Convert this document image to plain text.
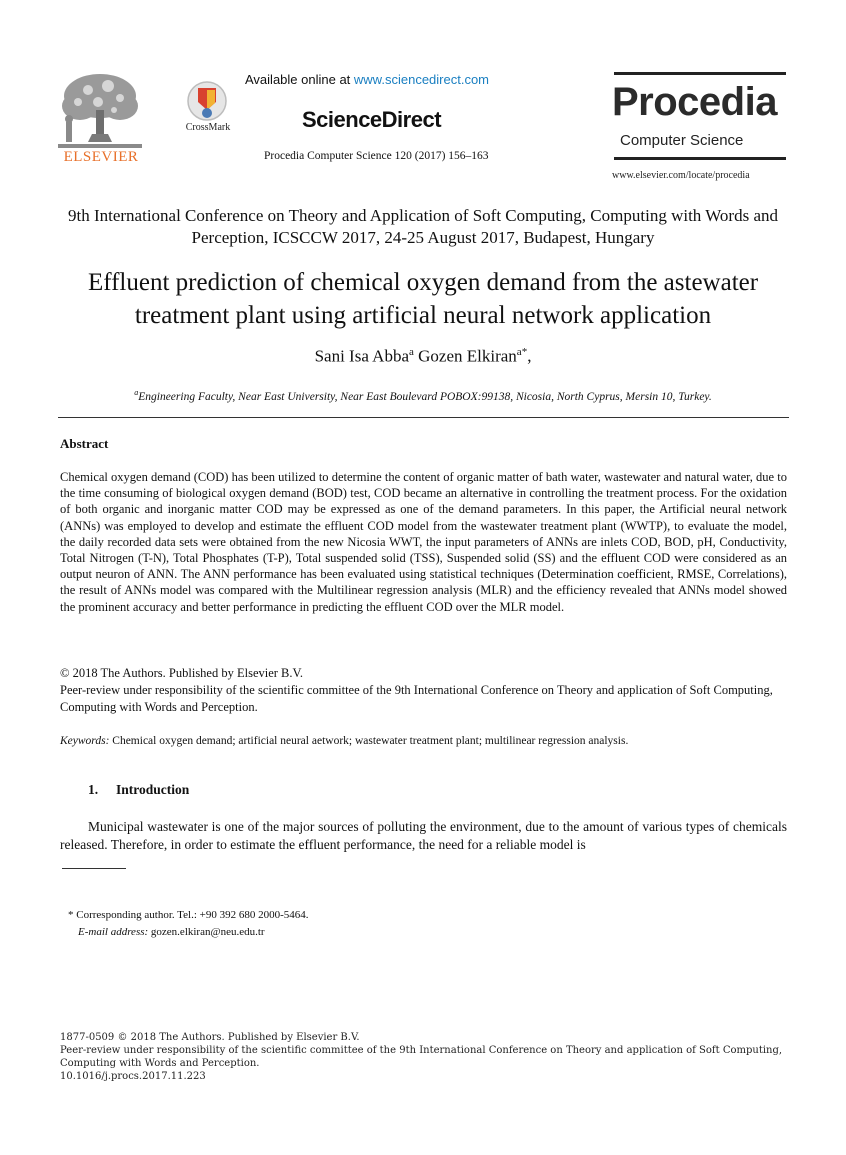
ELSEVIER
CrossMark
Available online at www.sciencedirect.com
ScienceDirect
Procedia Computer Science 120 (2017) 156–163
Procedia
Computer Science
www.elsevier.com/locate/procedia
9th International Conference on Theory and Application of Soft Computing, Computing with Words and Perception, ICSCCW 2017, 24-25 August 2017, Budapest, Hungary
Effluent prediction of chemical oxygen demand from the astewater treatment plant using artificial neural network application
Sani Isa Abba$^a$ Gozen Elkiran$^{a*}$,
$^a$Engineering Faculty, Near East University, Near East Boulevard POBOX:99138, Nicosia, North Cyprus, Mersin 10, Turkey.
Abstract
Chemical oxygen demand (COD) has been utilized to determine the content of organic matter of bath water, wastewater and natural water, due to the time consuming of biological oxygen demand (BOD) test, COD became an alternative in controlling the treatment process. For the oxidation of both organic and inorganic matter COD may be expressed as one of the demand parameters. In this paper, the Artificial neural network (ANNs) was employed to develop and estimate the effluent COD model from the wastewater treatment plant (WWTP), to evaluate the model, the daily recorded data sets were obtained from the new Nicosia WWT, the input parameters of ANNs are inlets COD, BOD, pH, Conductivity, Total Nitrogen (T-N), Total Phosphates (T-P), Total suspended solid (TSS), Suspended solid (SS) and the effluent COD were considered as an output neuron of ANN. The ANN performance has been evaluated using statistical techniques (Determination coefficient, RMSE, Correlations), the result of ANNs model was compared with the Multilinear regression analysis (MLR) and the efficiency revealed that ANNs model showed the prominent accuracy and better performance in predicting the effluent COD over the MLR model.
© 2018 The Authors. Published by Elsevier B.V.
Peer-review under responsibility of the scientific committee of the 9th International Conference on Theory and application of Soft Computing, Computing with Words and Perception.
Keywords: Chemical oxygen demand; artificial neural aetwork; wastewater treatment plant; multilinear regression analysis.
1. Introduction
Municipal wastewater is one of the major sources of polluting the environment, due to the amount of various types of chemicals released. Therefore, in order to estimate the effluent performance, the need for a reliable model is
* Corresponding author. Tel.: +90 392 680 2000-5464.
E-mail address: gozen.elkiran@neu.edu.tr
1877-0509 © 2018 The Authors. Published by Elsevier B.V.
Peer-review under responsibility of the scientific committee of the 9th International Conference on Theory and application of Soft Computing, Computing with Words and Perception.
10.1016/j.procs.2017.11.223
